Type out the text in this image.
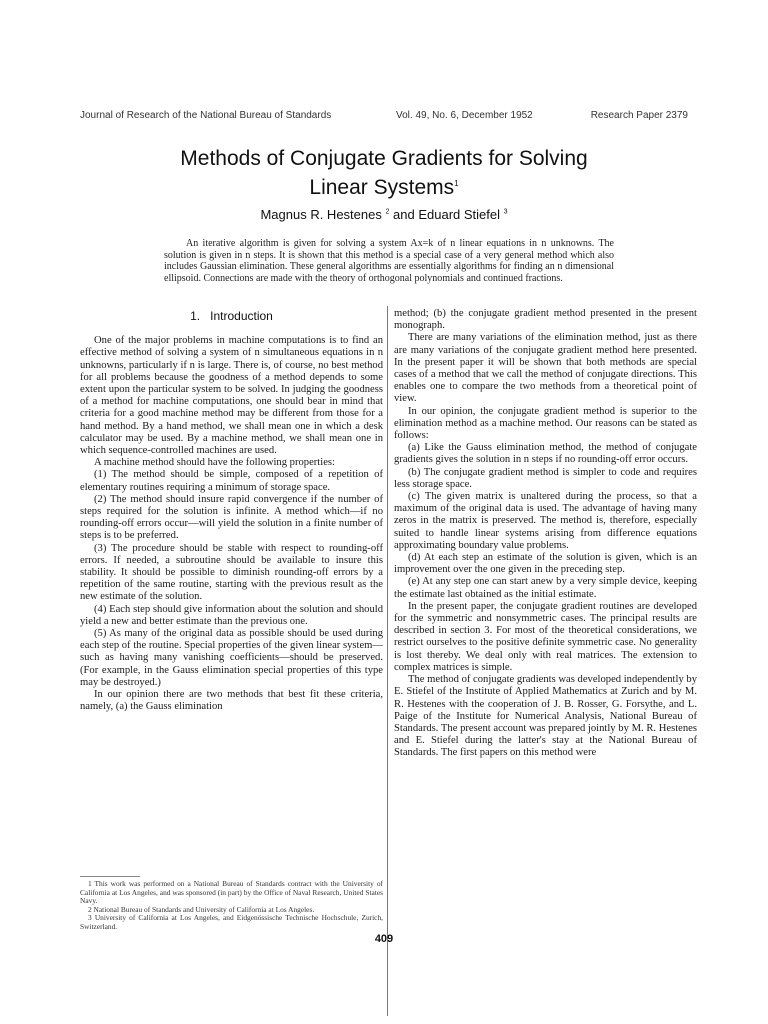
Journal of Research of the National Bureau of Standards	Vol. 49, No. 6, December 1952	Research Paper 2379
Methods of Conjugate Gradients for Solving
Linear Systems$^1$
Magnus R. Hestenes $^2$ and Eduard Stiefel $^3$
An iterative algorithm is given for solving a system Ax=k of n linear equations in n unknowns. The solution is given in n steps. It is shown that this method is a special case of a very general method which also includes Gaussian elimination. These general algorithms are essentially algorithms for finding an n dimensional ellipsoid. Connections are made with the theory of orthogonal polynomials and continued fractions.
1. Introduction

One of the major problems in machine computations is to find an effective method of solving a system of n simultaneous equations in n unknowns, particularly if n is large. There is, of course, no best method for all problems because the goodness of a method depends to some extent upon the particular system to be solved. In judging the goodness of a method for machine computations, one should bear in mind that criteria for a good machine method may be different from those for a hand method. By a hand method, we shall mean one in which a desk calculator may be used. By a machine method, we shall mean one in which sequence-controlled machines are used.

A machine method should have the following properties:

(1) The method should be simple, composed of a repetition of elementary routines requiring a minimum of storage space.

(2) The method should insure rapid convergence if the number of steps required for the solution is infinite. A method which—if no rounding-off errors occur—will yield the solution in a finite number of steps is to be preferred.

(3) The procedure should be stable with respect to rounding-off errors. If needed, a subroutine should be available to insure this stability. It should be possible to diminish rounding-off errors by a repetition of the same routine, starting with the previous result as the new estimate of the solution.

(4) Each step should give information about the solution and should yield a new and better estimate than the previous one.

(5) As many of the original data as possible should be used during each step of the routine. Special properties of the given linear system—such as having many vanishing coefficients—should be preserved. (For example, in the Gauss elimination special properties of this type may be destroyed.)

In our opinion there are two methods that best fit these criteria, namely, (a) the Gauss elimination

method; (b) the conjugate gradient method presented in the present monograph.

There are many variations of the elimination method, just as there are many variations of the conjugate gradient method here presented. In the present paper it will be shown that both methods are special cases of a method that we call the method of conjugate directions. This enables one to compare the two methods from a theoretical point of view.

In our opinion, the conjugate gradient method is superior to the elimination method as a machine method. Our reasons can be stated as follows:

(a) Like the Gauss elimination method, the method of conjugate gradients gives the solution in n steps if no rounding-off error occurs.

(b) The conjugate gradient method is simpler to code and requires less storage space.

(c) The given matrix is unaltered during the process, so that a maximum of the original data is used. The advantage of having many zeros in the matrix is preserved. The method is, therefore, especially suited to handle linear systems arising from difference equations approximating boundary value problems.

(d) At each step an estimate of the solution is given, which is an improvement over the one given in the preceding step.

(e) At any step one can start anew by a very simple device, keeping the estimate last obtained as the initial estimate.

In the present paper, the conjugate gradient routines are developed for the symmetric and nonsymmetric cases. The principal results are described in section 3. For most of the theoretical considerations, we restrict ourselves to the positive definite symmetric case. No generality is lost thereby. We deal only with real matrices. The extension to complex matrices is simple.

The method of conjugate gradients was developed independently by E. Stiefel of the Institute of Applied Mathematics at Zurich and by M. R. Hestenes with the cooperation of J. B. Rosser, G. Forsythe, and L. Paige of the Institute for Numerical Analysis, National Bureau of Standards. The present account was prepared jointly by M. R. Hestenes and E. Stiefel during the latter's stay at the National Bureau of Standards. The first papers on this method were

1 This work was performed on a National Bureau of Standards contract with the University of California at Los Angeles, and was sponsored (in part) by the Office of Naval Research, United States Navy.

2 National Bureau of Standards and University of California at Los Angeles.

3 University of California at Los Angeles, and Eidgenössische Technische Hochschule, Zurich, Switzerland.

409
